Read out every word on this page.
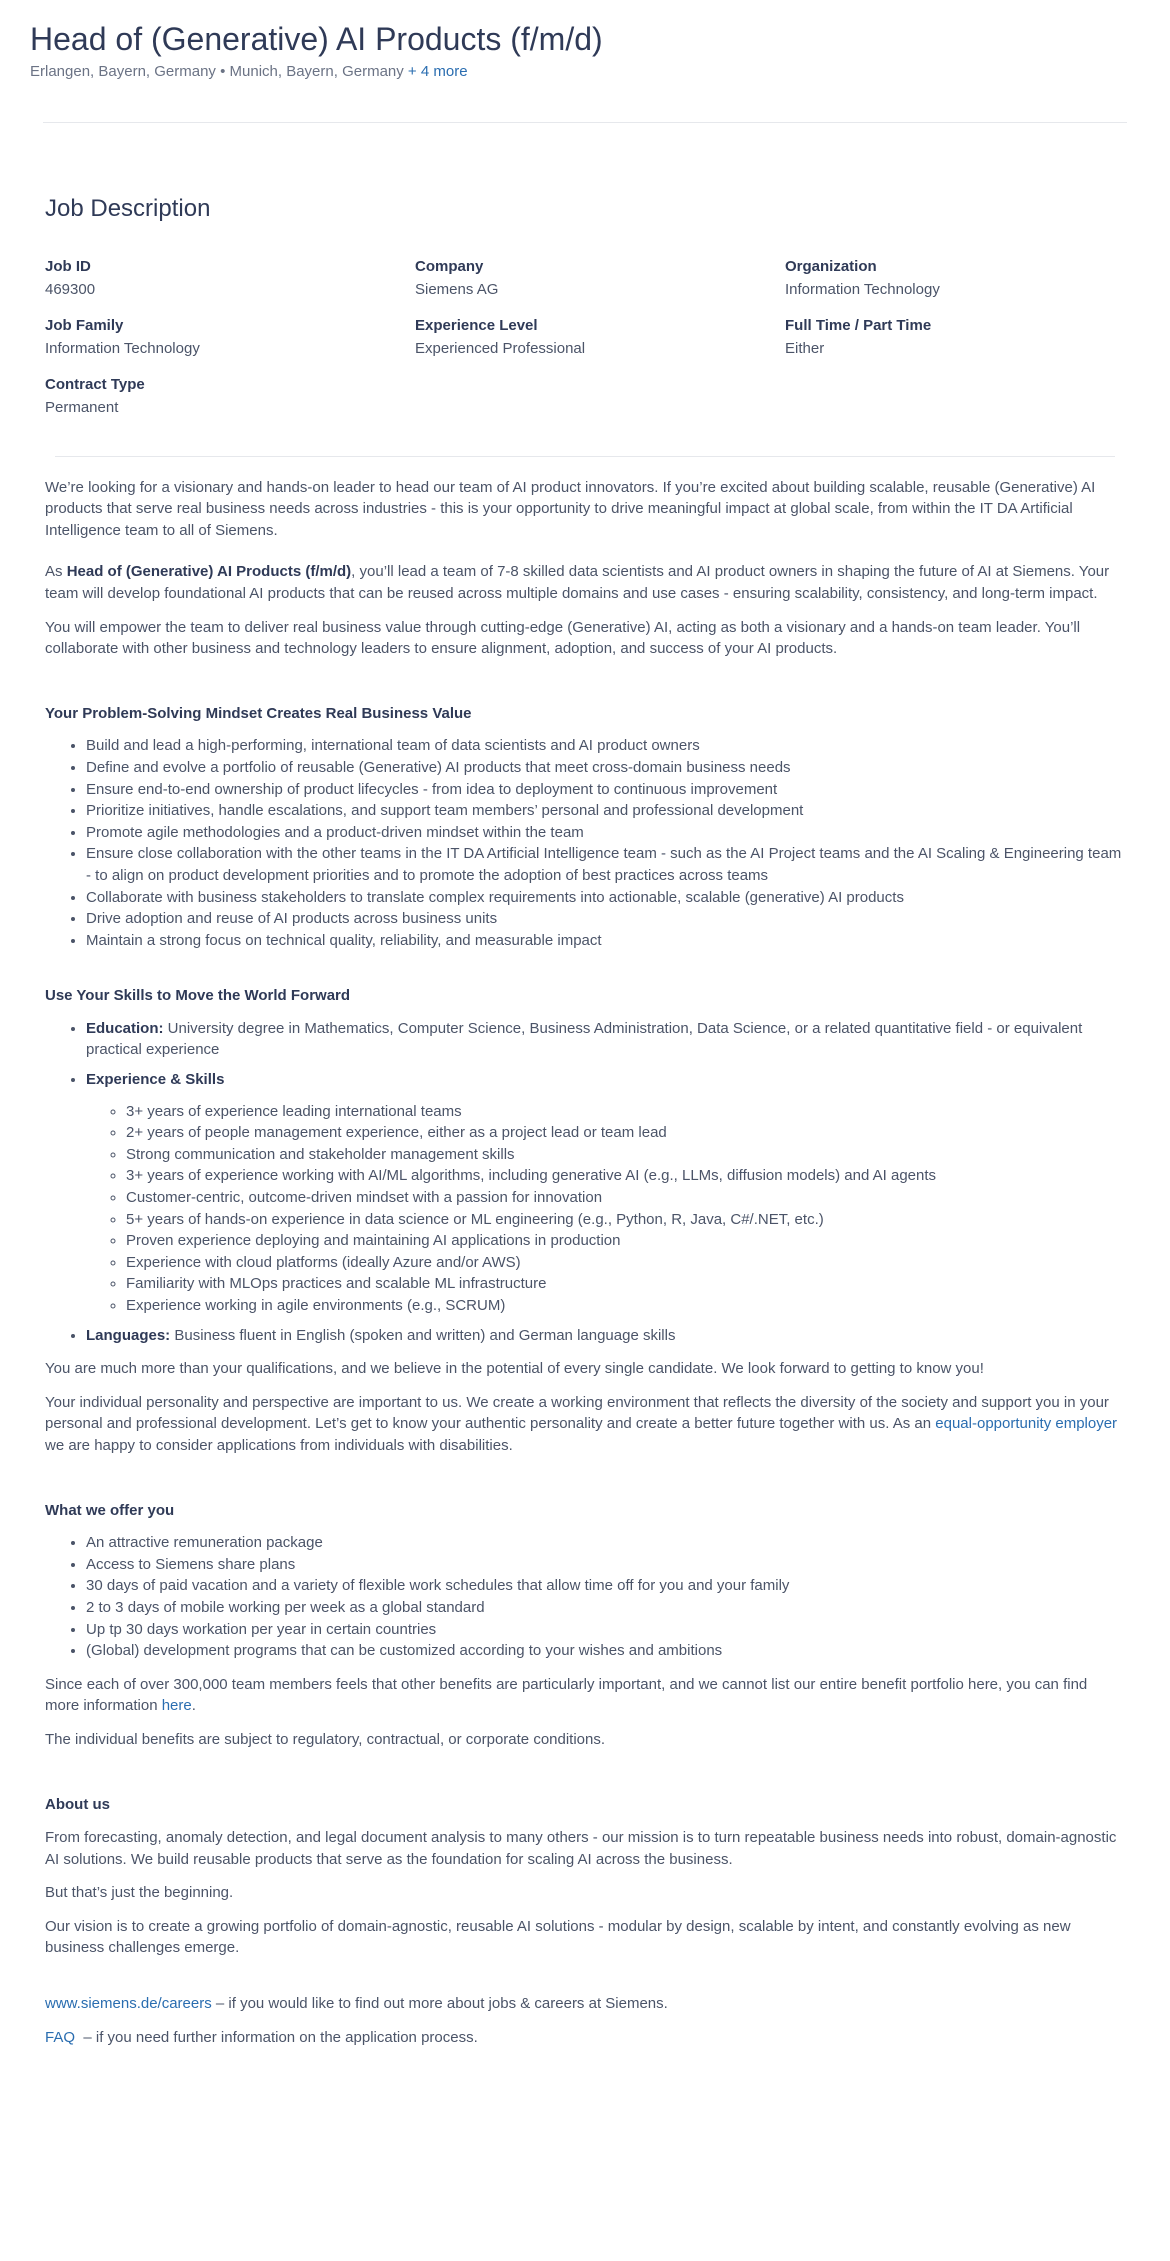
Head of (Generative) AI Products (f/m/d)
Erlangen, Bayern, Germany • Munich, Bayern, Germany + 4 more
Job Description
Job ID
469300
Company
Siemens AG
Organization
Information Technology
Job Family
Information Technology
Experience Level
Experienced Professional
Full Time / Part Time
Either
Contract Type
Permanent

We’re looking for a visionary and hands-on leader to head our team of AI product innovators. If you’re excited about building scalable, reusable (Generative) AI products that serve real business needs across industries - this is your opportunity to drive meaningful impact at global scale, from within the IT DA Artificial Intelligence team to all of Siemens.

As Head of (Generative) AI Products (f/m/d), you’ll lead a team of 7-8 skilled data scientists and AI product owners in shaping the future of AI at Siemens. Your team will develop foundational AI products that can be reused across multiple domains and use cases - ensuring scalability, consistency, and long-term impact.

You will empower the team to deliver real business value through cutting-edge (Generative) AI, acting as both a visionary and a hands-on team leader. You’ll collaborate with other business and technology leaders to ensure alignment, adoption, and success of your AI products.

Your Problem-Solving Mindset Creates Real Business Value
• Build and lead a high-performing, international team of data scientists and AI product owners
• Define and evolve a portfolio of reusable (Generative) AI products that meet cross-domain business needs
• Ensure end-to-end ownership of product lifecycles - from idea to deployment to continuous improvement
• Prioritize initiatives, handle escalations, and support team members’ personal and professional development
• Promote agile methodologies and a product-driven mindset within the team
• Ensure close collaboration with the other teams in the IT DA Artificial Intelligence team - such as the AI Project teams and the AI Scaling & Engineering team - to align on product development priorities and to promote the adoption of best practices across teams
• Collaborate with business stakeholders to translate complex requirements into actionable, scalable (generative) AI products
• Drive adoption and reuse of AI products across business units
• Maintain a strong focus on technical quality, reliability, and measurable impact
Use Your Skills to Move the World Forward
• Education: University degree in Mathematics, Computer Science, Business Administration, Data Science, or a related quantitative field - or equivalent practical experience
• Experience & Skills
◦ 3+ years of experience leading international teams
◦ 2+ years of people management experience, either as a project lead or team lead
◦ Strong communication and stakeholder management skills
◦ 3+ years of experience working with AI/ML algorithms, including generative AI (e.g., LLMs, diffusion models) and AI agents
◦ Customer-centric, outcome-driven mindset with a passion for innovation
◦ 5+ years of hands-on experience in data science or ML engineering (e.g., Python, R, Java, C#/.NET, etc.)
◦ Proven experience deploying and maintaining AI applications in production
◦ Experience with cloud platforms (ideally Azure and/or AWS)
◦ Familiarity with MLOps practices and scalable ML infrastructure
◦ Experience working in agile environments (e.g., SCRUM)
• Languages: Business fluent in English (spoken and written) and German language skills

You are much more than your qualifications, and we believe in the potential of every single candidate. We look forward to getting to know you!

Your individual personality and perspective are important to us. We create a working environment that reflects the diversity of the society and support you in your personal and professional development. Let’s get to know your authentic personality and create a better future together with us. As an equal-opportunity employer we are happy to consider applications from individuals with disabilities.

What we offer you
• An attractive remuneration package
• Access to Siemens share plans
• 30 days of paid vacation and a variety of flexible work schedules that allow time off for you and your family
• 2 to 3 days of mobile working per week as a global standard
• Up tp 30 days workation per year in certain countries
• (Global) development programs that can be customized according to your wishes and ambitions

Since each of over 300,000 team members feels that other benefits are particularly important, and we cannot list our entire benefit portfolio here, you can find more information here.

The individual benefits are subject to regulatory, contractual, or corporate conditions.

About us

From forecasting, anomaly detection, and legal document analysis to many others - our mission is to turn repeatable business needs into robust, domain-agnostic AI solutions. We build reusable products that serve as the foundation for scaling AI across the business.

But that’s just the beginning.

Our vision is to create a growing portfolio of domain-agnostic, reusable AI solutions - modular by design, scalable by intent, and constantly evolving as new business challenges emerge.

www.siemens.de/careers – if you would like to find out more about jobs & careers at Siemens.

FAQ  – if you need further information on the application process.
